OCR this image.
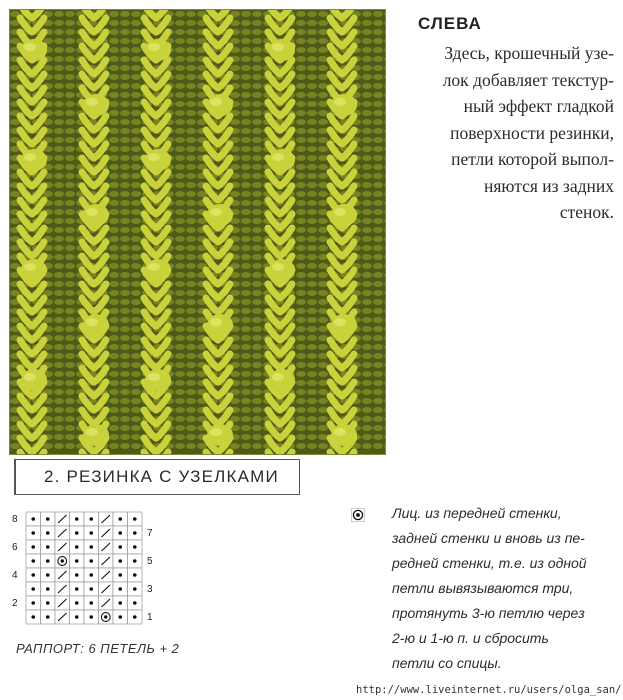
СЛЕВА
Здесь, крошечный узе-
лок добавляет текстур-
ный эффект гладкой
поверхности резинки,
петли которой выпол-
няются из задних
стенок.
2. РЕЗИНКА С УЗЕЛКАМИ
8
6
4
2
7
5
3
1
РАППОРТ: 6 ПЕТЕЛЬ + 2
Лиц. из передней стенки,
задней стенки и вновь из пе-
редней стенки, т.е. из одной
петли вывязываются три,
протянуть 3-ю петлю через
2-ю и 1-ю п. и сбросить
петли со спицы.
http://www.liveinternet.ru/users/olga_san/
